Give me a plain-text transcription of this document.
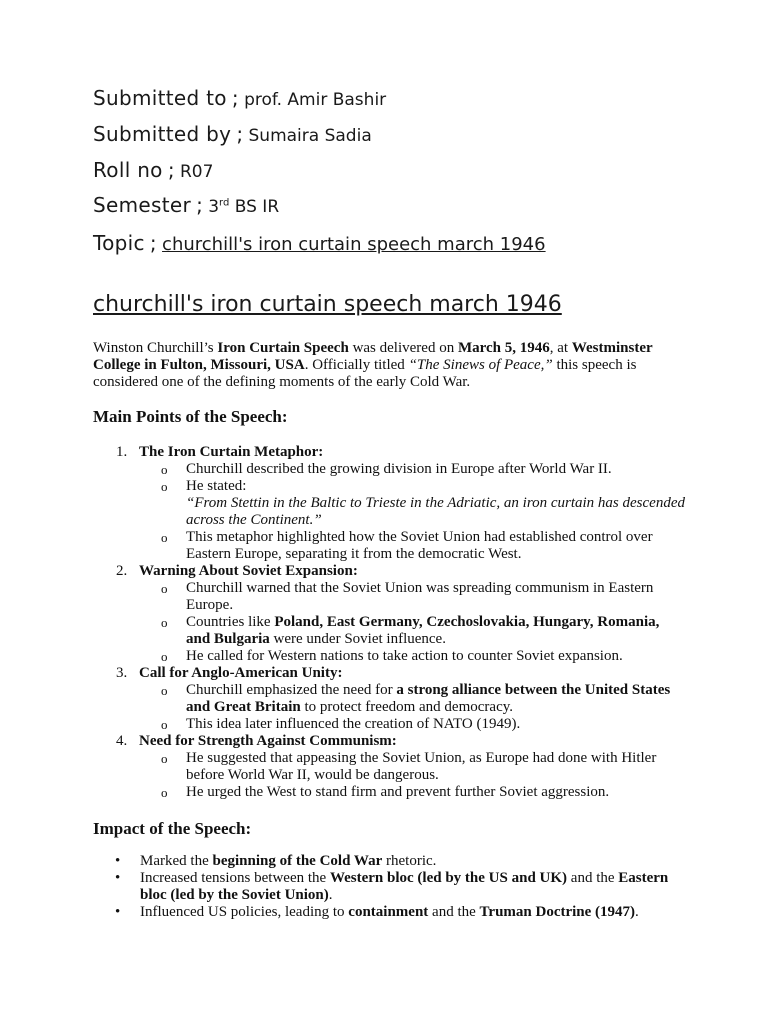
Submitted to ; prof. Amir Bashir
Submitted by ; Sumaira Sadia
Roll no ; R07
Semester ; 3rd BS IR
Topic ; churchill's iron curtain speech march 1946
churchill's iron curtain speech march 1946
Winston Churchill’s Iron Curtain Speech was delivered on March 5, 1946, at Westminster College in Fulton, Missouri, USA. Officially titled “The Sinews of Peace,” this speech is considered one of the defining moments of the early Cold War.
Main Points of the Speech:
1. The Iron Curtain Metaphor:
o Churchill described the growing division in Europe after World War II.
o He stated:
“From Stettin in the Baltic to Trieste in the Adriatic, an iron curtain has descended across the Continent.”
o This metaphor highlighted how the Soviet Union had established control over Eastern Europe, separating it from the democratic West.
2. Warning About Soviet Expansion:
o Churchill warned that the Soviet Union was spreading communism in Eastern Europe.
o Countries like Poland, East Germany, Czechoslovakia, Hungary, Romania, and Bulgaria were under Soviet influence.
o He called for Western nations to take action to counter Soviet expansion.
3. Call for Anglo-American Unity:
o Churchill emphasized the need for a strong alliance between the United States and Great Britain to protect freedom and democracy.
o This idea later influenced the creation of NATO (1949).
4. Need for Strength Against Communism:
o He suggested that appeasing the Soviet Union, as Europe had done with Hitler before World War II, would be dangerous.
o He urged the West to stand firm and prevent further Soviet aggression.
Impact of the Speech:
• Marked the beginning of the Cold War rhetoric.
• Increased tensions between the Western bloc (led by the US and UK) and the Eastern bloc (led by the Soviet Union).
• Influenced US policies, leading to containment and the Truman Doctrine (1947).
